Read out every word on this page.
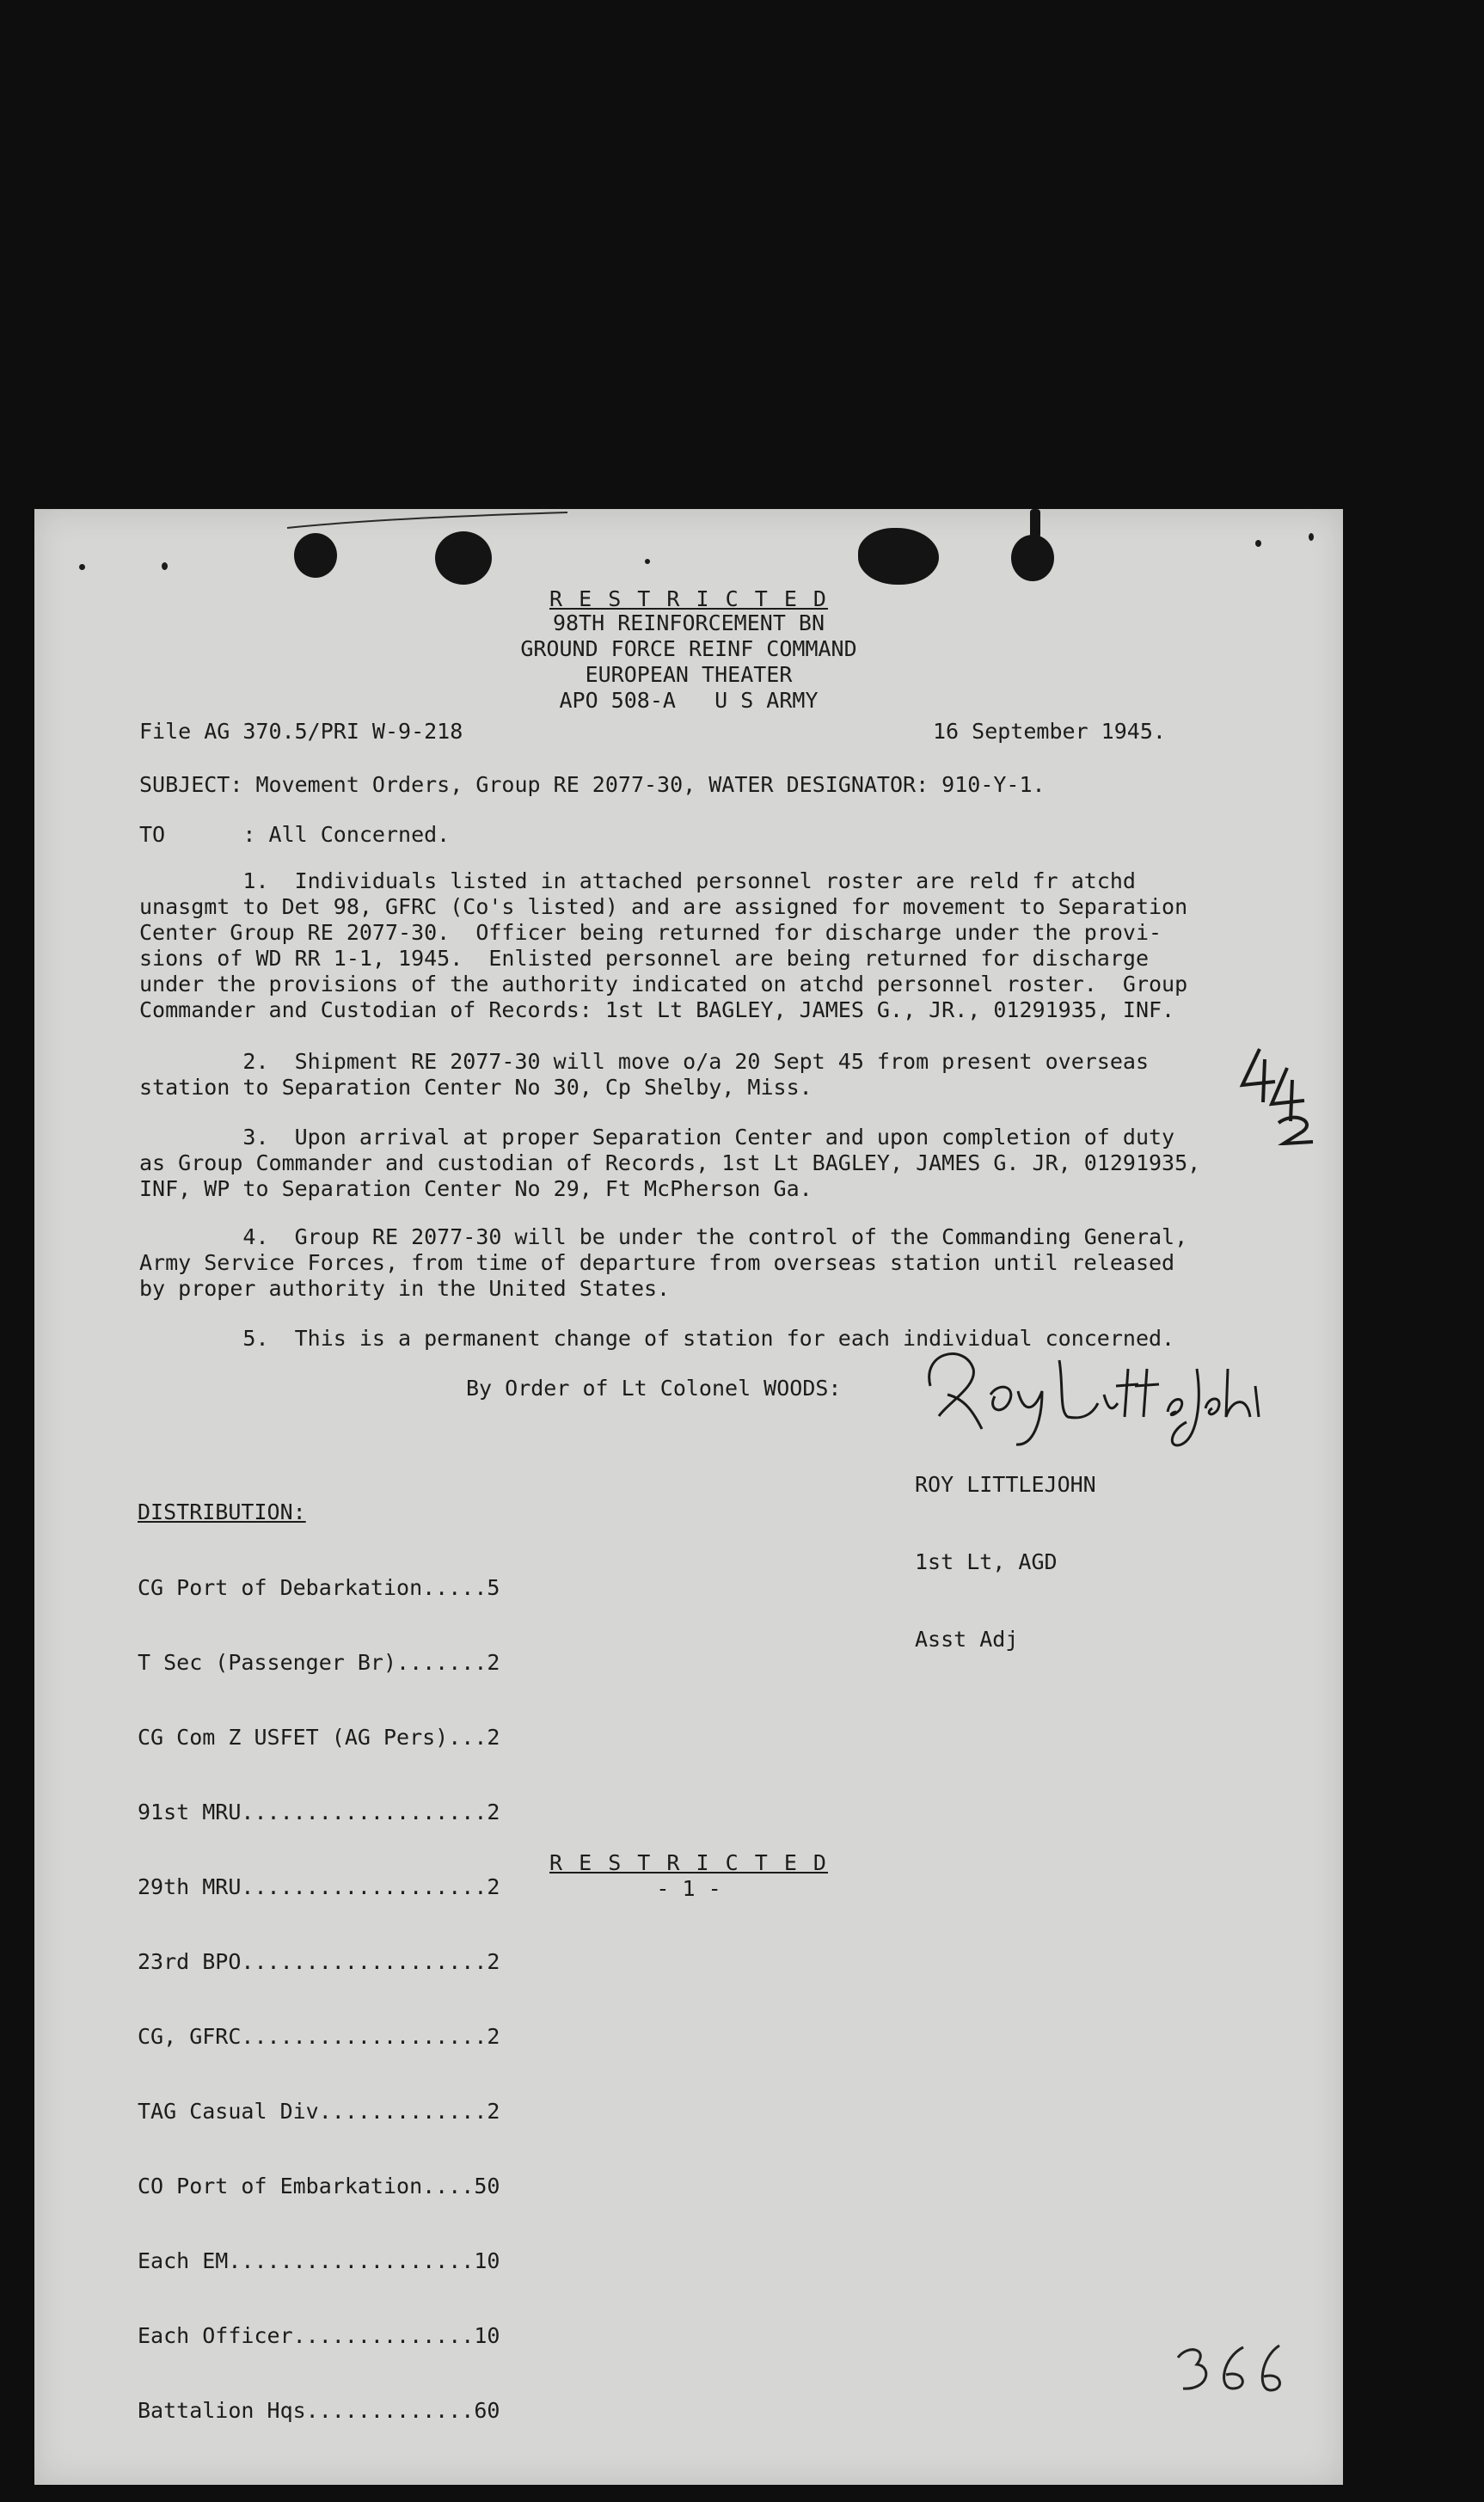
R E S T R I C T E D
98TH REINFORCEMENT BN
GROUND FORCE REINF COMMAND
EUROPEAN THEATER
APO 508-A   U S ARMY
File AG 370.5/PRI W-9-218	16 September 1945.
SUBJECT: Movement Orders, Group RE 2077-30, WATER DESIGNATOR: 910-Y-1.
TO      : All Concerned.
1.  Individuals listed in attached personnel roster are reld fr atchd
unasgmt to Det 98, GFRC (Co's listed) and are assigned for movement to Separation
Center Group RE 2077-30.  Officer being returned for discharge under the provi-
sions of WD RR 1-1, 1945.  Enlisted personnel are being returned for discharge
under the provisions of the authority indicated on atchd personnel roster.  Group
Commander and Custodian of Records: 1st Lt BAGLEY, JAMES G., JR., 01291935, INF.
2.  Shipment RE 2077-30 will move o/a 20 Sept 45 from present overseas
station to Separation Center No 30, Cp Shelby, Miss.
3.  Upon arrival at proper Separation Center and upon completion of duty
as Group Commander and custodian of Records, 1st Lt BAGLEY, JAMES G. JR, 01291935,
INF, WP to Separation Center No 29, Ft McPherson Ga.
4.  Group RE 2077-30 will be under the control of the Commanding General,
Army Service Forces, from time of departure from overseas station until released
by proper authority in the United States.
5.  This is a permanent change of station for each individual concerned.
By Order of Lt Colonel WOODS:

ROY LITTLEJOHN

1st Lt, AGD

Asst Adj

DISTRIBUTION:

CG Port of Debarkation.....5

T Sec (Passenger Br).......2

CG Com Z USFET (AG Pers)...2

91st MRU...................2

29th MRU...................2

23rd BPO...................2

CG, GFRC...................2

TAG Casual Div.............2

CO Port of Embarkation....50

Each EM...................10

Each Officer..............10

Battalion Hqs.............60

R E S T R I C T E D
- 1 -
